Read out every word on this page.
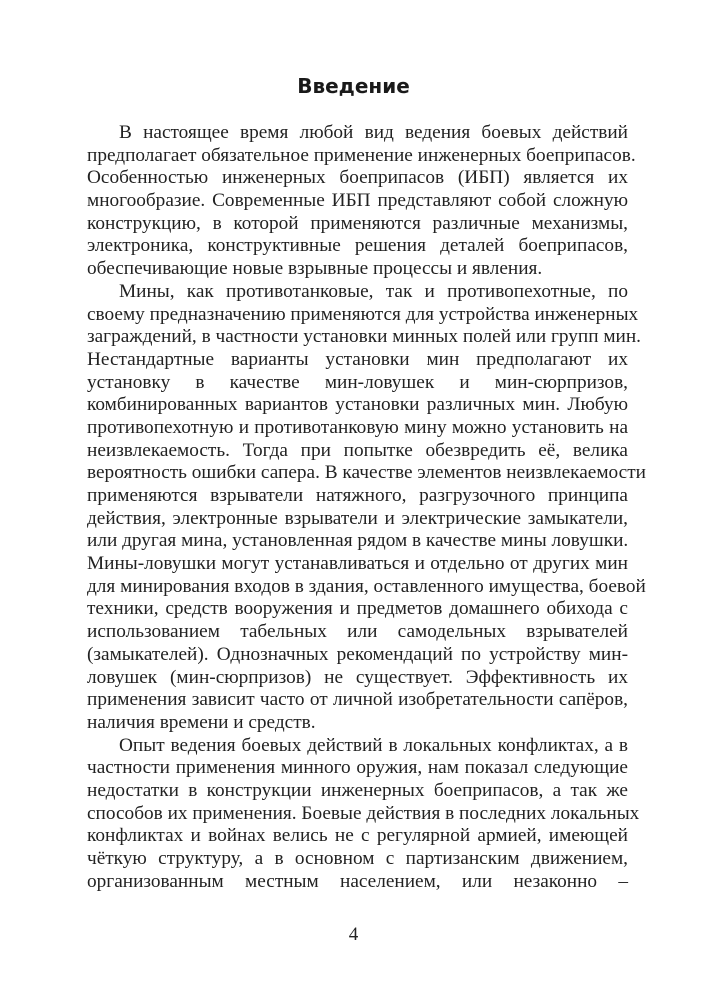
Введение
В настоящее время любой вид ведения боевых действий
предполагает обязательное применение инженерных боеприпасов.
Особенностью инженерных боеприпасов (ИБП) является их
многообразие. Современные ИБП представляют собой сложную
конструкцию, в которой применяются различные механизмы,
электроника, конструктивные решения деталей боеприпасов,
обеспечивающие новые взрывные процессы и явления.
Мины, как противотанковые, так и противопехотные, по
своему предназначению применяются для устройства инженерных
заграждений, в частности установки минных полей или групп мин.
Нестандартные варианты установки мин предполагают их
установку в качестве мин-ловушек и мин-сюрпризов,
комбинированных вариантов установки различных мин. Любую
противопехотную и противотанковую мину можно установить на
неизвлекаемость. Тогда при попытке обезвредить её, велика
вероятность ошибки сапера. В качестве элементов неизвлекаемости
применяются взрыватели натяжного, разгрузочного принципа
действия, электронные взрыватели и электрические замыкатели,
или другая мина, установленная рядом в качестве мины ловушки.
Мины-ловушки могут устанавливаться и отдельно от других мин
для минирования входов в здания, оставленного имущества, боевой
техники, средств вооружения и предметов домашнего обихода с
использованием табельных или самодельных взрывателей
(замыкателей). Однозначных рекомендаций по устройству мин-
ловушек (мин-сюрпризов) не существует. Эффективность их
применения зависит часто от личной изобретательности сапёров,
наличия времени и средств.
Опыт ведения боевых действий в локальных конфликтах, а в
частности применения минного оружия, нам показал следующие
недостатки в конструкции инженерных боеприпасов, а так же
способов их применения. Боевые действия в последних локальных
конфликтах и войнах велись не с регулярной армией, имеющей
чёткую структуру, а в основном с партизанским движением,
организованным местным населением, или незаконно –
4
